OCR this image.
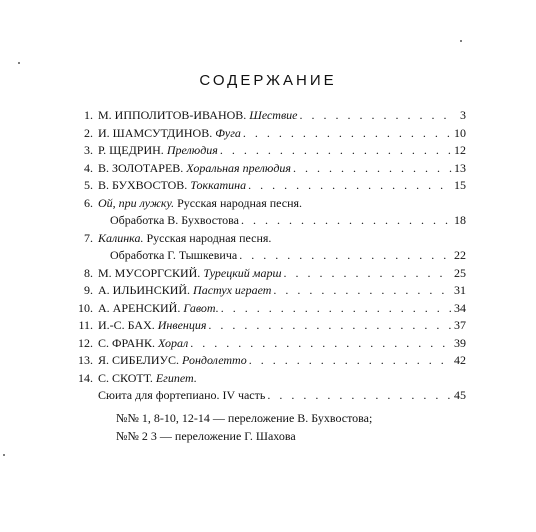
СОДЕРЖАНИЕ
1. М. ИППОЛИТОВ-ИВАНОВ.
Шествие . . .	3
2. И. ШАМСУТДИНОВ.
Фуга . . .	10
3. Р. ЩЕДРИН.
Прелюдия . . .	12
4. В. ЗОЛОТАРЕВ.
Хоральная прелюдия . . .	13
5. В. БУХВОСТОВ.
Токкатина . . .	15
6. Ой, при лужку.
Русская народная песня.
Обработка В. Бухвостова . . .	18
7. Калинка.
Русская народная песня.
Обработка Г. Тышкевича . . .	22
8. М. МУСОРГСКИЙ.
Турецкий марш . . .	25
9. А. ИЛЬИНСКИЙ.
Пастух играет . . .	31
10. А. АРЕНСКИЙ.
Гавот. . . .	34
11. И.-С. БАХ.
Инвенция . . .	37
12. С. ФРАНК.
Хорал . . .	39
13. Я. СИБЕЛИУС.
Рондолетто . . .	42
14. С. СКОТТ.
Египет.
Сюита для фортепиано. IV часть . . .	45
№№ 1, 8-10, 12-14 — переложение В. Бухвостова;
№№ 2 3 — переложение Г. Шахова
